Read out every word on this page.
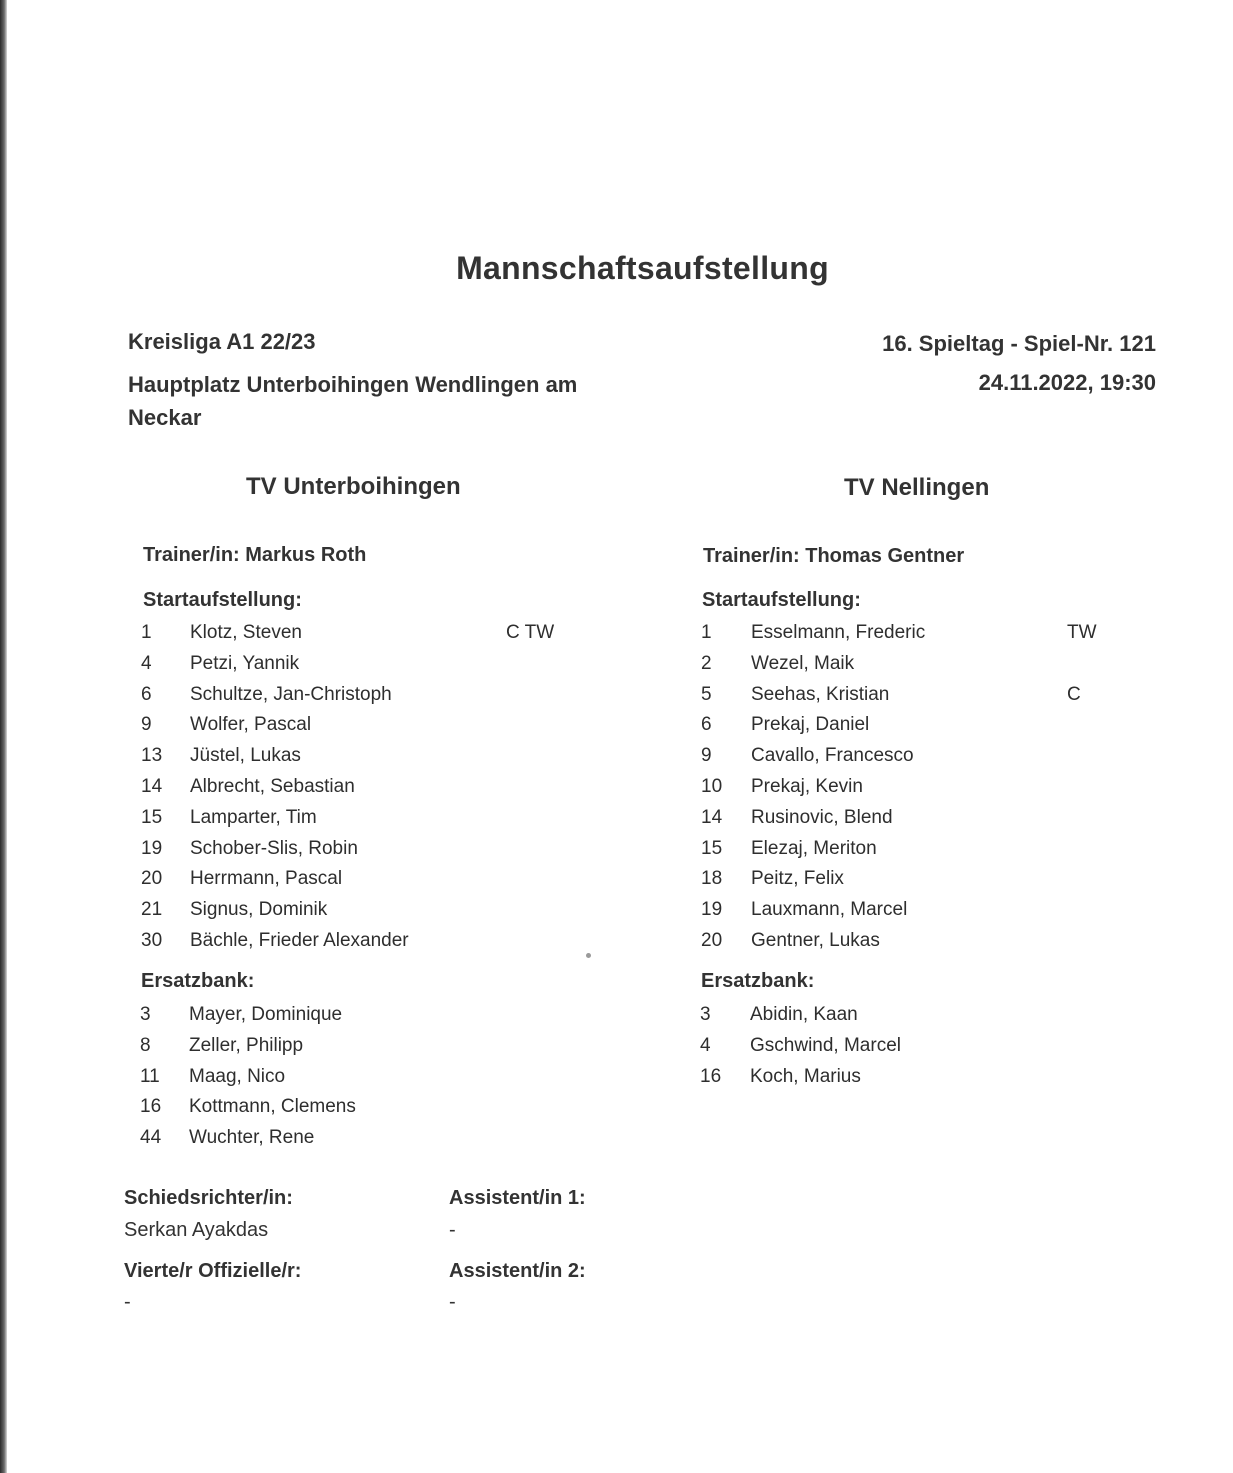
Mannschaftsaufstellung
Kreisliga A1 22/23
Hauptplatz Unterboihingen Wendlingen am Neckar
16. Spieltag - Spiel-Nr. 121
24.11.2022, 19:30
TV Unterboihingen
Trainer/in: Markus Roth
Startaufstellung:
1 Klotz, Steven	C TW
4 Petzi, Yannik
6 Schultze, Jan-Christoph
9 Wolfer, Pascal
13 Jüstel, Lukas
14 Albrecht, Sebastian
15 Lamparter, Tim
19 Schober-Slis, Robin
20 Herrmann, Pascal
21 Signus, Dominik
30 Bächle, Frieder Alexander
Ersatzbank:
3 Mayer, Dominique
8 Zeller, Philipp
11 Maag, Nico
16 Kottmann, Clemens
44 Wuchter, Rene
TV Nellingen
Trainer/in: Thomas Gentner
Startaufstellung:
1 Esselmann, Frederic	TW
2 Wezel, Maik
5 Seehas, Kristian	C
6 Prekaj, Daniel
9 Cavallo, Francesco
10 Prekaj, Kevin
14 Rusinovic, Blend
15 Elezaj, Meriton
18 Peitz, Felix
19 Lauxmann, Marcel
20 Gentner, Lukas
Ersatzbank:
3 Abidin, Kaan
4 Gschwind, Marcel
16 Koch, Marius
Schiedsrichter/in:
Serkan Ayakdas
Vierte/r Offizielle/r:
-
Assistent/in 1:
-
Assistent/in 2:
-
